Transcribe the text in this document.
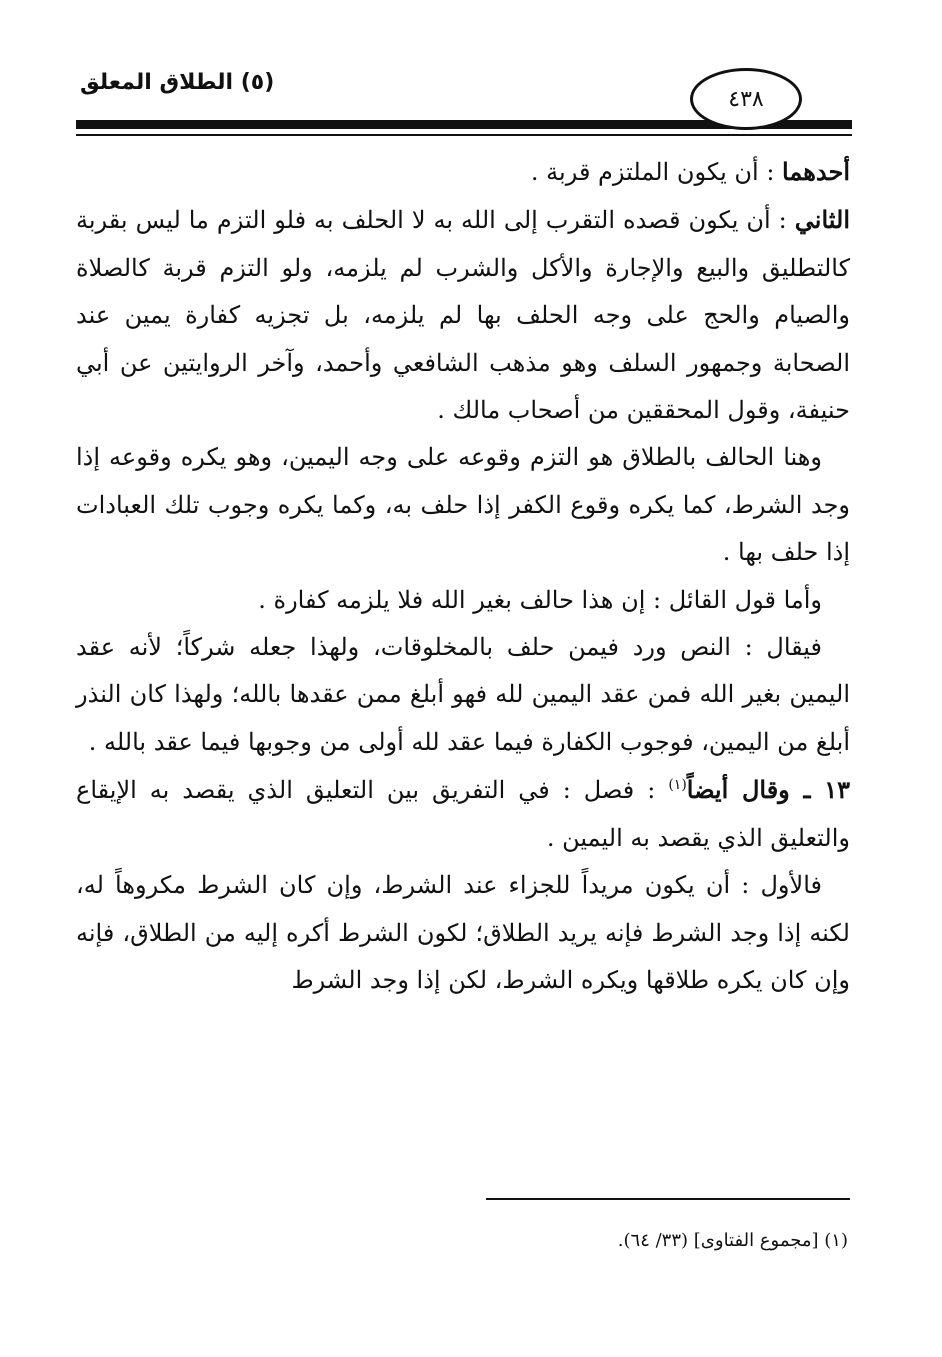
(٥) الطلاق المعلق
٤٣٨

أحدهما : أن يكون الملتزم قربة .

الثاني : أن يكون قصده التقرب إلى الله به لا الحلف به فلو التزم ما ليس بقربة كالتطليق والبيع والإجارة والأكل والشرب لم يلزمه، ولو التزم قربة كالصلاة والصيام والحج على وجه الحلف بها لم يلزمه، بل تجزيه كفارة يمين عند الصحابة وجمهور السلف وهو مذهب الشافعي وأحمد، وآخر الروايتين عن أبي حنيفة، وقول المحققين من أصحاب مالك .

وهنا الحالف بالطلاق هو التزم وقوعه على وجه اليمين، وهو يكره وقوعه إذا وجد الشرط، كما يكره وقوع الكفر إذا حلف به، وكما يكره وجوب تلك العبادات إذا حلف بها .

وأما قول القائل : إن هذا حالف بغير الله فلا يلزمه كفارة .

فيقال : النص ورد فيمن حلف بالمخلوقات، ولهذا جعله شركاً؛ لأنه عقد اليمين بغير الله فمن عقد اليمين لله فهو أبلغ ممن عقدها بالله؛ ولهذا كان النذر أبلغ من اليمين، فوجوب الكفارة فيما عقد لله أولى من وجوبها فيما عقد بالله .

١٣ ـ وقال أيضاً$^{(١)}$ : فصل : في التفريق بين التعليق الذي يقصد به الإيقاع والتعليق الذي يقصد به اليمين .

فالأول : أن يكون مريداً للجزاء عند الشرط، وإن كان الشرط مكروهاً له، لكنه إذا وجد الشرط فإنه يريد الطلاق؛ لكون الشرط أكره إليه من الطلاق، فإنه وإن كان يكره طلاقها ويكره الشرط، لكن إذا وجد الشرط

(١) [مجموع الفتاوى] (٣٣/ ٦٤).
